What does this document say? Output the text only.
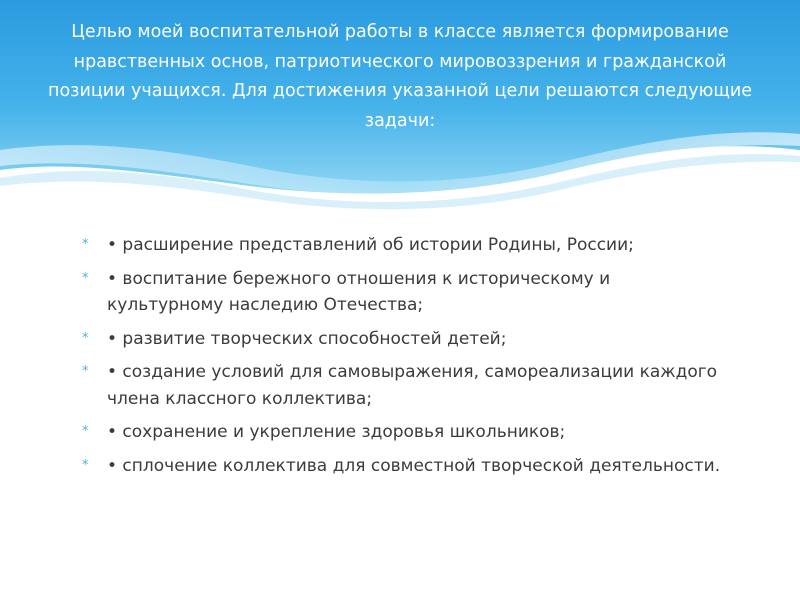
Целью моей воспитательной работы в классе является формирование нравственных основ, патриотического мировоззрения и гражданской позиции учащихся. Для достижения указанной цели решаются следующие задачи:

* • расширение представлений об истории Родины, России;
* • воспитание бережного отношения к историческому и культурному наследию Отечества;
* • развитие творческих способностей детей;
* • создание условий для самовыражения, самореализации каждого члена классного коллектива;
* • сохранение и укрепление здоровья школьников;
* • сплочение коллектива для совместной творческой деятельности.
